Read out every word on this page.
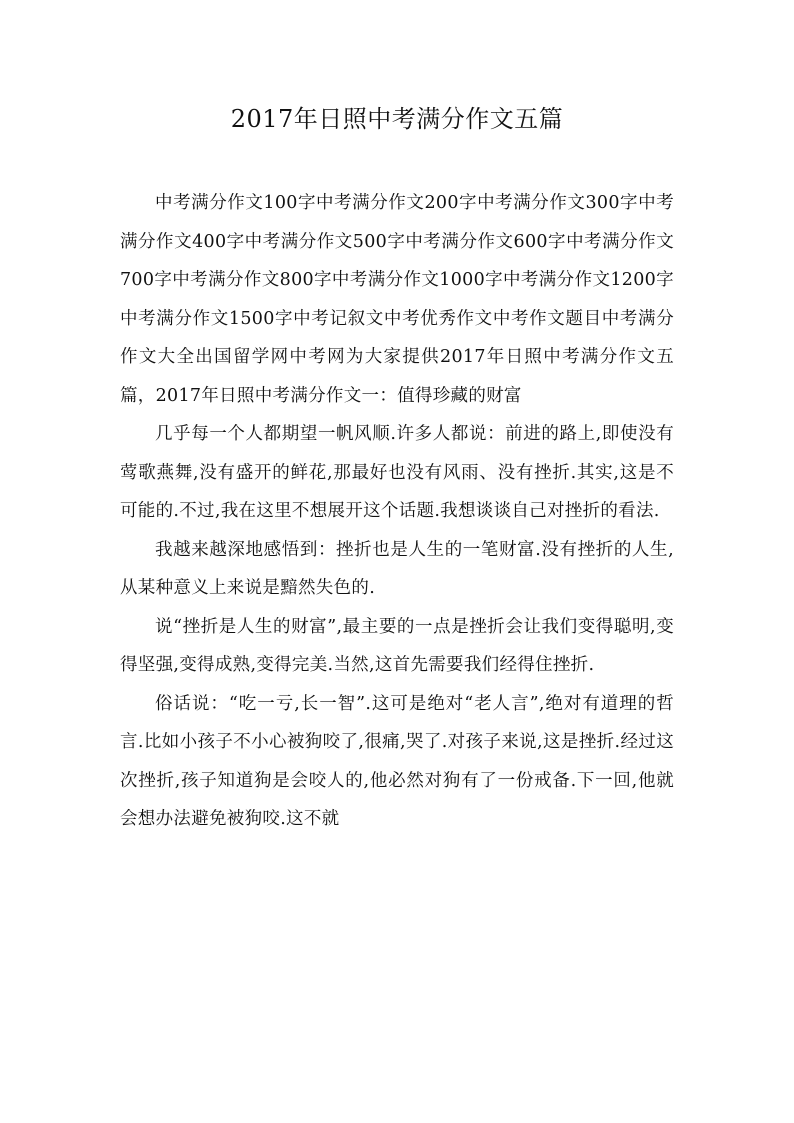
2017年日照中考满分作文五篇

中考满分作文100字中考满分作文200字中考满分作文300字中考满分作文400字中考满分作文500字中考满分作文600字中考满分作文700字中考满分作文800字中考满分作文1000字中考满分作文1200字中考满分作文1500字中考记叙文中考优秀作文中考作文题目中考满分作文大全出国留学网中考网为大家提供2017年日照中考满分作文五篇，2017年日照中考满分作文一：值得珍藏的财富

几乎每一个人都期望一帆风顺.许多人都说：前进的路上,即使没有莺歌燕舞,没有盛开的鲜花,那最好也没有风雨、没有挫折.其实,这是不可能的.不过,我在这里不想展开这个话题.我想谈谈自己对挫折的看法.

我越来越深地感悟到：挫折也是人生的一笔财富.没有挫折的人生,从某种意义上来说是黯然失色的.

说“挫折是人生的财富”,最主要的一点是挫折会让我们变得聪明,变得坚强,变得成熟,变得完美.当然,这首先需要我们经得住挫折.

俗话说：“吃一亏,长一智”.这可是绝对“老人言”,绝对有道理的哲言.比如小孩子不小心被狗咬了,很痛,哭了.对孩子来说,这是挫折.经过这次挫折,孩子知道狗是会咬人的,他必然对狗有了一份戒备.下一回,他就会想办法避免被狗咬.这不就
